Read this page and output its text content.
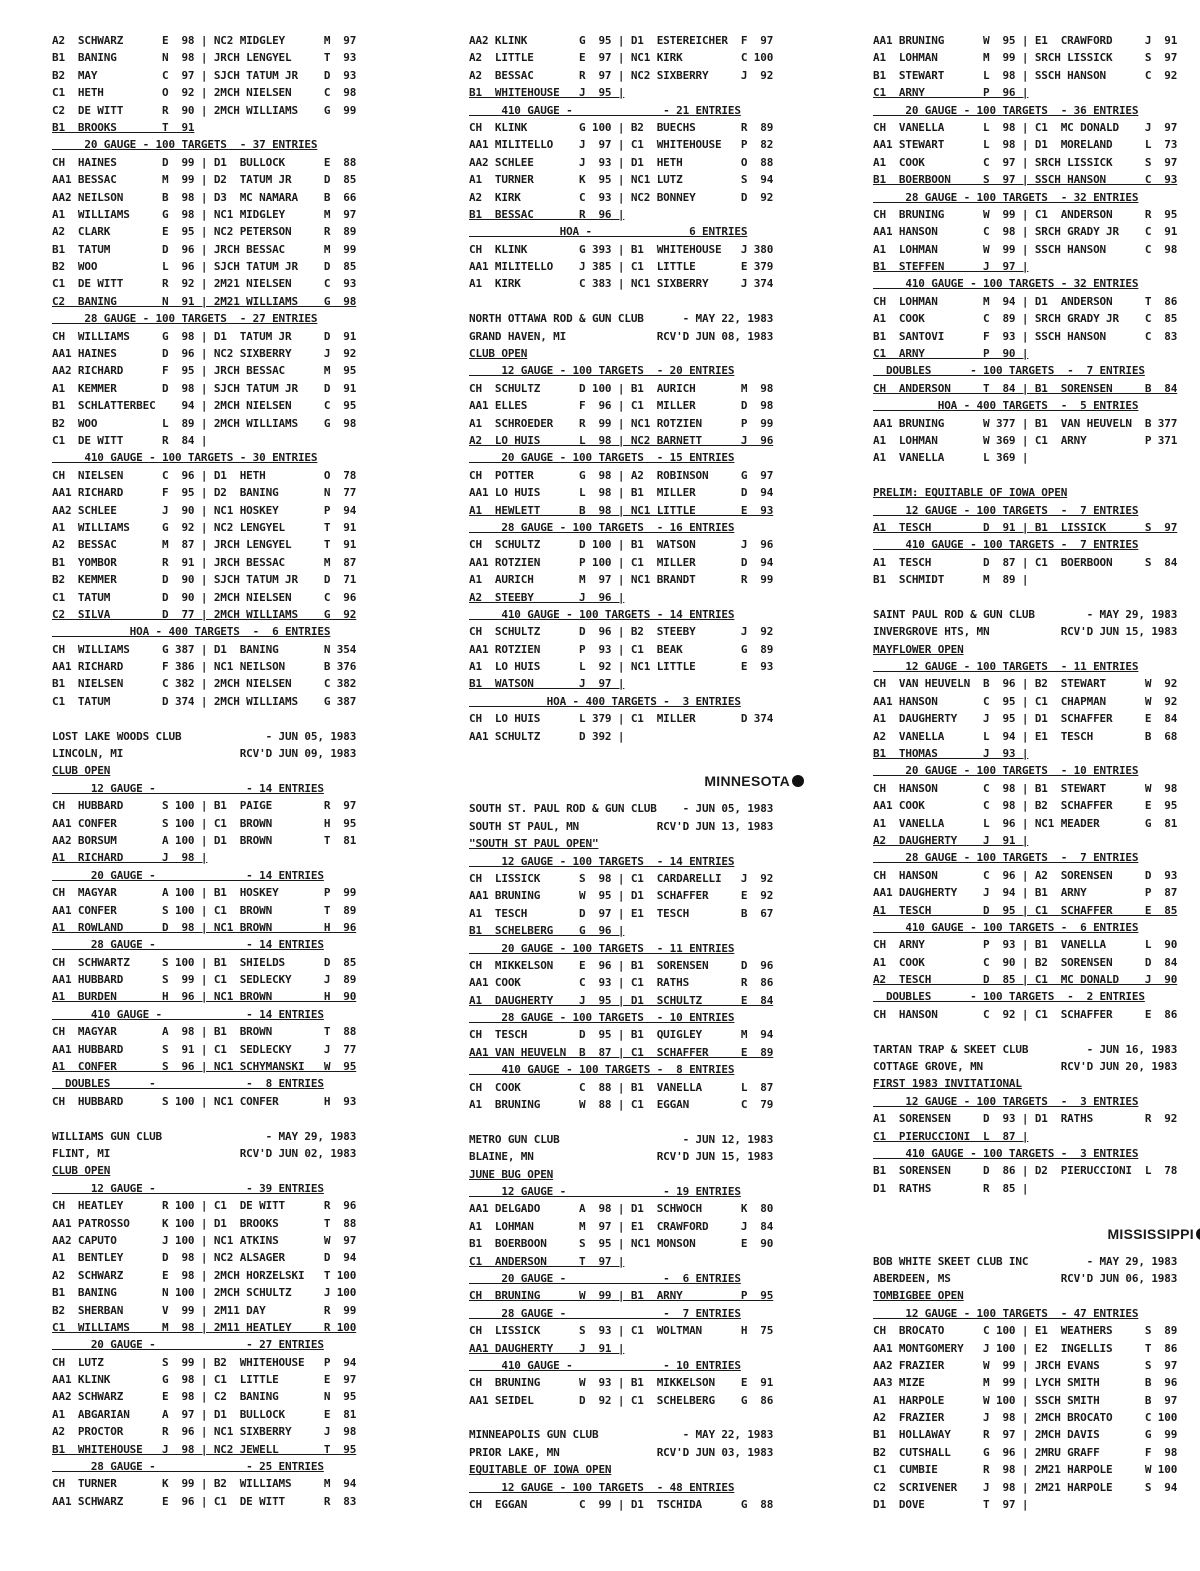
A2  SCHWARZ      E  98 | NC2 MIDGLEY      M  97
B1  BANING       N  98 | JRCH LENGYEL     T  93
B2  MAY          C  97 | SJCH TATUM JR    D  93
C1  HETH         O  92 | 2MCH NIELSEN     C  98
C2  DE WITT      R  90 | 2MCH WILLIAMS    G  99
B1  BROOKS       T  91
20 GAUGE - 100 TARGETS  - 37 ENTRIES
CH  HAINES       D  99 | D1  BULLOCK      E  88
AA1 BESSAC       M  99 | D2  TATUM JR     D  85
AA2 NEILSON      B  98 | D3  MC NAMARA    B  66
A1  WILLIAMS     G  98 | NC1 MIDGLEY      M  97
A2  CLARK        E  95 | NC2 PETERSON     R  89
B1  TATUM        D  96 | JRCH BESSAC      M  99
B2  WOO          L  96 | SJCH TATUM JR    D  85
C1  DE WITT      R  92 | 2M21 NIELSEN     C  93
C2  BANING       N  91 | 2M21 WILLIAMS    G  98
28 GAUGE - 100 TARGETS  - 27 ENTRIES
CH  WILLIAMS     G  98 | D1  TATUM JR     D  91
AA1 HAINES       D  96 | NC2 SIXBERRY     J  92
AA2 RICHARD      F  95 | JRCH BESSAC      M  95
A1  KEMMER       D  98 | SJCH TATUM JR    D  91
B1  SCHLATTERBEC    94 | 2MCH NIELSEN     C  95
B2  WOO          L  89 | 2MCH WILLIAMS    G  98
C1  DE WITT      R  84 |
410 GAUGE - 100 TARGETS - 30 ENTRIES
CH  NIELSEN      C  96 | D1  HETH         O  78
AA1 RICHARD      F  95 | D2  BANING       N  77
AA2 SCHLEE       J  90 | NC1 HOSKEY       P  94
A1  WILLIAMS     G  92 | NC2 LENGYEL      T  91
A2  BESSAC       M  87 | JRCH LENGYEL     T  91
B1  YOMBOR       R  91 | JRCH BESSAC      M  87
B2  KEMMER       D  90 | SJCH TATUM JR    D  71
C1  TATUM        D  90 | 2MCH NIELSEN     C  96
C2  SILVA        D  77 | 2MCH WILLIAMS    G  92
HOA - 400 TARGETS  -  6 ENTRIES
CH  WILLIAMS     G 387 | D1  BANING       N 354
AA1 RICHARD      F 386 | NC1 NEILSON      B 376
B1  NIELSEN      C 382 | 2MCH NIELSEN     C 382
C1  TATUM        D 374 | 2MCH WILLIAMS    G 387
LOST LAKE WOODS CLUB             - JUN 05, 1983
LINCOLN, MI                  RCV'D JUN 09, 1983
CLUB OPEN
12 GAUGE -              - 14 ENTRIES
CH  HUBBARD      S 100 | B1  PAIGE        R  97
AA1 CONFER       S 100 | C1  BROWN        H  95
AA2 BORSUM       A 100 | D1  BROWN        T  81
A1  RICHARD      J  98 |
20 GAUGE -              - 14 ENTRIES
CH  MAGYAR       A 100 | B1  HOSKEY       P  99
AA1 CONFER       S 100 | C1  BROWN        T  89
A1  ROWLAND      D  98 | NC1 BROWN        H  96
28 GAUGE -              - 14 ENTRIES
CH  SCHWARTZ     S 100 | B1  SHIELDS      D  85
AA1 HUBBARD      S  99 | C1  SEDLECKY     J  89
A1  BURDEN       H  96 | NC1 BROWN        H  90
410 GAUGE -             - 14 ENTRIES
CH  MAGYAR       A  98 | B1  BROWN        T  88
AA1 HUBBARD      S  91 | C1  SEDLECKY     J  77
A1  CONFER       S  96 | NC1 SCHYMANSKI   W  95
DOUBLES      -              -  8 ENTRIES
CH  HUBBARD      S 100 | NC1 CONFER       H  93
WILLIAMS GUN CLUB                - MAY 29, 1983
FLINT, MI                    RCV'D JUN 02, 1983
CLUB OPEN
12 GAUGE -              - 39 ENTRIES
CH  HEATLEY      R 100 | C1  DE WITT      R  96
AA1 PATROSSO     K 100 | D1  BROOKS       T  88
AA2 CAPUTO       J 100 | NC1 ATKINS       W  97
A1  BENTLEY      D  98 | NC2 ALSAGER      D  94
A2  SCHWARZ      E  98 | 2MCH HORZELSKI   T 100
B1  BANING       N 100 | 2MCH SCHULTZ     J 100
B2  SHERBAN      V  99 | 2M11 DAY         R  99
C1  WILLIAMS     M  98 | 2M11 HEATLEY     R 100
20 GAUGE -              - 27 ENTRIES
CH  LUTZ         S  99 | B2  WHITEHOUSE   P  94
AA1 KLINK        G  98 | C1  LITTLE       E  97
AA2 SCHWARZ      E  98 | C2  BANING       N  95
A1  ABGARIAN     A  97 | D1  BULLOCK      E  81
A2  PROCTOR      R  96 | NC1 SIXBERRY     J  98
B1  WHITEHOUSE   J  98 | NC2 JEWELL       T  95
28 GAUGE -              - 25 ENTRIES
CH  TURNER       K  99 | B2  WILLIAMS     M  94
AA1 SCHWARZ      E  96 | C1  DE WITT      R  83
AA2 KLINK        G  95 | D1  ESTEREICHER  F  97
A2  LITTLE       E  97 | NC1 KIRK         C 100
A2  BESSAC       R  97 | NC2 SIXBERRY     J  92
B1  WHITEHOUSE   J  95 |
410 GAUGE -              - 21 ENTRIES
CH  KLINK        G 100 | B2  BUECHS       R  89
AA1 MILITELLO    J  97 | C1  WHITEHOUSE   P  82
AA2 SCHLEE       J  93 | D1  HETH         O  88
A1  TURNER       K  95 | NC1 LUTZ         S  94
A2  KIRK         C  93 | NC2 BONNEY       D  92
B1  BESSAC       R  96 |
HOA -               6 ENTRIES
CH  KLINK        G 393 | B1  WHITEHOUSE   J 380
AA1 MILITELLO    J 385 | C1  LITTLE       E 379
A1  KIRK         C 383 | NC1 SIXBERRY     J 374
NORTH OTTAWA ROD & GUN CLUB      - MAY 22, 1983
GRAND HAVEN, MI              RCV'D JUN 08, 1983
CLUB OPEN
12 GAUGE - 100 TARGETS  - 20 ENTRIES
CH  SCHULTZ      D 100 | B1  AURICH       M  98
AA1 ELLES        F  96 | C1  MILLER       D  98
A1  SCHROEDER    R  99 | NC1 ROTZIEN      P  99
A2  LO HUIS      L  98 | NC2 BARNETT      J  96
20 GAUGE - 100 TARGETS  - 15 ENTRIES
CH  POTTER       G  98 | A2  ROBINSON     G  97
AA1 LO HUIS      L  98 | B1  MILLER       D  94
A1  HEWLETT      B  98 | NC1 LITTLE       E  93
28 GAUGE - 100 TARGETS  - 16 ENTRIES
CH  SCHULTZ      D 100 | B1  WATSON       J  96
AA1 ROTZIEN      P 100 | C1  MILLER       D  94
A1  AURICH       M  97 | NC1 BRANDT       R  99
A2  STEEBY       J  96 |
410 GAUGE - 100 TARGETS - 14 ENTRIES
CH  SCHULTZ      D  96 | B2  STEEBY       J  92
AA1 ROTZIEN      P  93 | C1  BEAK         G  89
A1  LO HUIS      L  92 | NC1 LITTLE       E  93
B1  WATSON       J  97 |
HOA - 400 TARGETS -  3 ENTRIES
CH  LO HUIS      L 379 | C1  MILLER       D 374
AA1 SCHULTZ      D 392 |
MINNESOTA
SOUTH ST. PAUL ROD & GUN CLUB    - JUN 05, 1983
SOUTH ST PAUL, MN            RCV'D JUN 13, 1983
"SOUTH ST PAUL OPEN"
12 GAUGE - 100 TARGETS  - 14 ENTRIES
CH  LISSICK      S  98 | C1  CARDARELLI   J  92
AA1 BRUNING      W  95 | D1  SCHAFFER     E  92
A1  TESCH        D  97 | E1  TESCH        B  67
B1  SCHELBERG    G  96 |
20 GAUGE - 100 TARGETS  - 11 ENTRIES
CH  MIKKELSON    E  96 | B1  SORENSEN     D  96
AA1 COOK         C  93 | C1  RATHS        R  86
A1  DAUGHERTY    J  95 | D1  SCHULTZ      E  84
28 GAUGE - 100 TARGETS  - 10 ENTRIES
CH  TESCH        D  95 | B1  QUIGLEY      M  94
AA1 VAN HEUVELN  B  87 | C1  SCHAFFER     E  89
410 GAUGE - 100 TARGETS -  8 ENTRIES
CH  COOK         C  88 | B1  VANELLA      L  87
A1  BRUNING      W  88 | C1  EGGAN        C  79
METRO GUN CLUB                   - JUN 12, 1983
BLAINE, MN                   RCV'D JUN 15, 1983
JUNE BUG OPEN
12 GAUGE -               - 19 ENTRIES
AA1 DELGADO      A  98 | D1  SCHWOCH      K  80
A1  LOHMAN       M  97 | E1  CRAWFORD     J  84
B1  BOERBOON     S  95 | NC1 MONSON       E  90
C1  ANDERSON     T  97 |
20 GAUGE -               -  6 ENTRIES
CH  BRUNING      W  99 | B1  ARNY         P  95
28 GAUGE -               -  7 ENTRIES
CH  LISSICK      S  93 | C1  WOLTMAN      H  75
AA1 DAUGHERTY    J  91 |
410 GAUGE -              - 10 ENTRIES
CH  BRUNING      W  93 | B1  MIKKELSON    E  91
AA1 SEIDEL       D  92 | C1  SCHELBERG    G  86
MINNEAPOLIS GUN CLUB             - MAY 22, 1983
PRIOR LAKE, MN               RCV'D JUN 03, 1983
EQUITABLE OF IOWA OPEN
12 GAUGE - 100 TARGETS  - 48 ENTRIES
CH  EGGAN        C  99 | D1  TSCHIDA      G  88
AA1 BRUNING      W  95 | E1  CRAWFORD     J  91
A1  LOHMAN       M  99 | SRCH LISSICK     S  97
B1  STEWART      L  98 | SSCH HANSON      C  92
C1  ARNY         P  96 |
20 GAUGE - 100 TARGETS  - 36 ENTRIES
CH  VANELLA      L  98 | C1  MC DONALD    J  97
AA1 STEWART      L  98 | D1  MORELAND     L  73
A1  COOK         C  97 | SRCH LISSICK     S  97
B1  BOERBOON     S  97 | SSCH HANSON      C  93
28 GAUGE - 100 TARGETS  - 32 ENTRIES
CH  BRUNING      W  99 | C1  ANDERSON     R  95
AA1 HANSON       C  98 | SRCH GRADY JR    C  91
A1  LOHMAN       W  99 | SSCH HANSON      C  98
B1  STEFFEN      J  97 |
410 GAUGE - 100 TARGETS - 32 ENTRIES
CH  LOHMAN       M  94 | D1  ANDERSON     T  86
A1  COOK         C  89 | SRCH GRADY JR    C  85
B1  SANTOVI      F  93 | SSCH HANSON      C  83
C1  ARNY         P  90 |
DOUBLES      - 100 TARGETS  -  7 ENTRIES
CH  ANDERSON     T  84 | B1  SORENSEN     B  84
HOA - 400 TARGETS  -  5 ENTRIES
AA1 BRUNING      W 377 | B1  VAN HEUVELN  B 377
A1  LOHMAN       W 369 | C1  ARNY         P 371
A1  VANELLA      L 369 |
PRELIM: EQUITABLE OF IOWA OPEN
12 GAUGE - 100 TARGETS  -  7 ENTRIES
A1  TESCH        D  91 | B1  LISSICK      S  97
410 GAUGE - 100 TARGETS -  7 ENTRIES
A1  TESCH        D  87 | C1  BOERBOON     S  84
B1  SCHMIDT      M  89 |
SAINT PAUL ROD & GUN CLUB        - MAY 29, 1983
INVERGROVE HTS, MN           RCV'D JUN 15, 1983
MAYFLOWER OPEN
12 GAUGE - 100 TARGETS  - 11 ENTRIES
CH  VAN HEUVELN  B  96 | B2  STEWART      W  92
AA1 HANSON       C  95 | C1  CHAPMAN      W  92
A1  DAUGHERTY    J  95 | D1  SCHAFFER     E  84
A2  VANELLA      L  94 | E1  TESCH        B  68
B1  THOMAS       J  93 |
20 GAUGE - 100 TARGETS  - 10 ENTRIES
CH  HANSON       C  98 | B1  STEWART      W  98
AA1 COOK         C  98 | B2  SCHAFFER     E  95
A1  VANELLA      L  96 | NC1 MEADER       G  81
A2  DAUGHERTY    J  91 |
28 GAUGE - 100 TARGETS  -  7 ENTRIES
CH  HANSON       C  96 | A2  SORENSEN     D  93
AA1 DAUGHERTY    J  94 | B1  ARNY         P  87
A1  TESCH        D  95 | C1  SCHAFFER     E  85
410 GAUGE - 100 TARGETS -  6 ENTRIES
CH  ARNY         P  93 | B1  VANELLA      L  90
A1  COOK         C  90 | B2  SORENSEN     D  84
A2  TESCH        D  85 | C1  MC DONALD    J  90
DOUBLES      - 100 TARGETS  -  2 ENTRIES
CH  HANSON       C  92 | C1  SCHAFFER     E  86
TARTAN TRAP & SKEET CLUB         - JUN 16, 1983
COTTAGE GROVE, MN            RCV'D JUN 20, 1983
FIRST 1983 INVITATIONAL
12 GAUGE - 100 TARGETS  -  3 ENTRIES
A1  SORENSEN     D  93 | D1  RATHS        R  92
C1  PIERUCCIONI  L  87 |
410 GAUGE - 100 TARGETS -  3 ENTRIES
B1  SORENSEN     D  86 | D2  PIERUCCIONI  L  78
D1  RATHS        R  85 |
MISSISSIPPI
BOB WHITE SKEET CLUB INC         - MAY 29, 1983
ABERDEEN, MS                 RCV'D JUN 06, 1983
TOMBIGBEE OPEN
12 GAUGE - 100 TARGETS  - 47 ENTRIES
CH  BROCATO      C 100 | E1  WEATHERS     S  89
AA1 MONTGOMERY   J 100 | E2  INGELLIS     T  86
AA2 FRAZIER      W  99 | JRCH EVANS       S  97
AA3 MIZE         M  99 | LYCH SMITH       B  96
A1  HARPOLE      W 100 | SSCH SMITH       B  97
A2  FRAZIER      J  98 | 2MCH BROCATO     C 100
B1  HOLLAWAY     R  97 | 2MCH DAVIS       G  99
B2  CUTSHALL     G  96 | 2MRU GRAFF       F  98
C1  CUMBIE       R  98 | 2M21 HARPOLE     W 100
C2  SCRIVENER    J  98 | 2M21 HARPOLE     S  94
D1  DOVE         T  97 |
